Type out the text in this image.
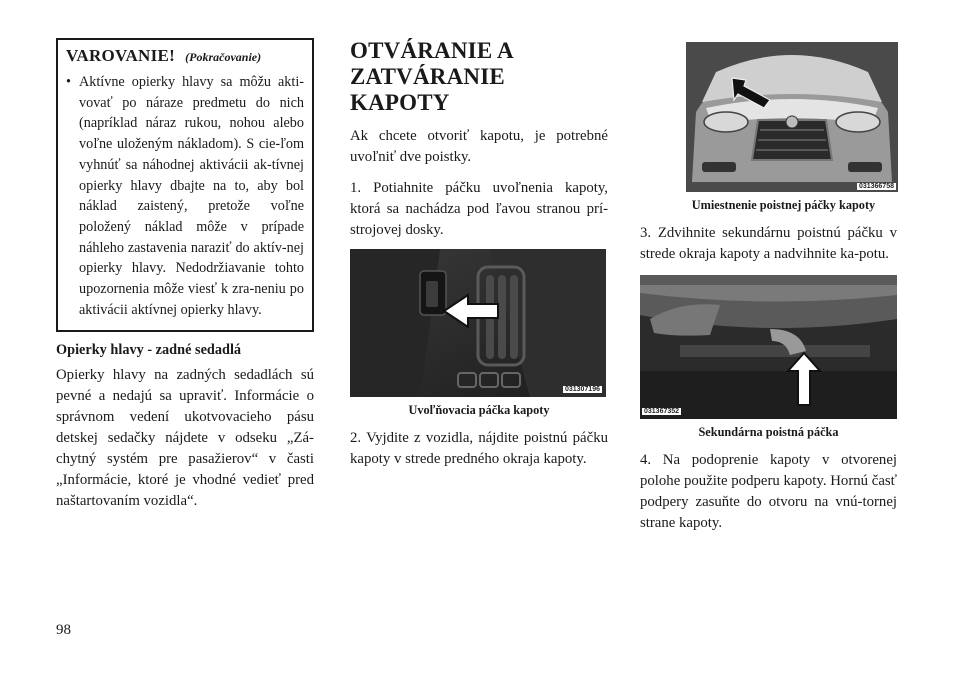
VAROVANIE! (Pokračovanie)
• Aktívne opierky hlavy sa môžu akti-vovať po náraze predmetu do nich (napríklad náraz rukou, nohou alebo voľne uloženým nákladom). S cie-ľom vyhnúť sa náhodnej aktivácii ak-tívnej opierky hlavy dbajte na to, aby bol náklad zaistený, pretože voľne položený náklad môže v prípade náhleho zastavenia naraziť do aktív-nej opierky hlavy. Nedodržiavanie tohto upozornenia môže viesť k zra-neniu po aktivácii aktívnej opierky hlavy.
Opierky hlavy - zadné sedadlá

Opierky hlavy na zadných sedadlách sú pevné a nedajú sa upraviť. Informácie o správnom vedení ukotvovacieho pásu detskej sedačky nájdete v odseku „Zá-chytný systém pre pasažierov“ v časti „Informácie, ktoré je vhodné vedieť pred naštartovaním vozidla“.

OTVÁRANIE A
ZATVÁRANIE KAPOTY

Ak chcete otvoriť kapotu, je potrebné uvoľniť dve poistky.

1. Potiahnite páčku uvoľnenia kapoty, ktorá sa nachádza pod ľavou stranou prí-strojovej dosky.

031307196
Uvoľňovacia páčka kapoty

2. Vyjdite z vozidla, nájdite poistnú páčku kapoty v strede predného okraja kapoty.

031366758
Umiestnenie poistnej páčky kapoty

3. Zdvihnite sekundárnu poistnú páčku v strede okraja kapoty a nadvihnite ka-potu.

031367352
Sekundárna poistná páčka

4. Na podoprenie kapoty v otvorenej polohe použite podperu kapoty. Hornú časť podpery zasuňte do otvoru na vnú-tornej strane kapoty.

98
